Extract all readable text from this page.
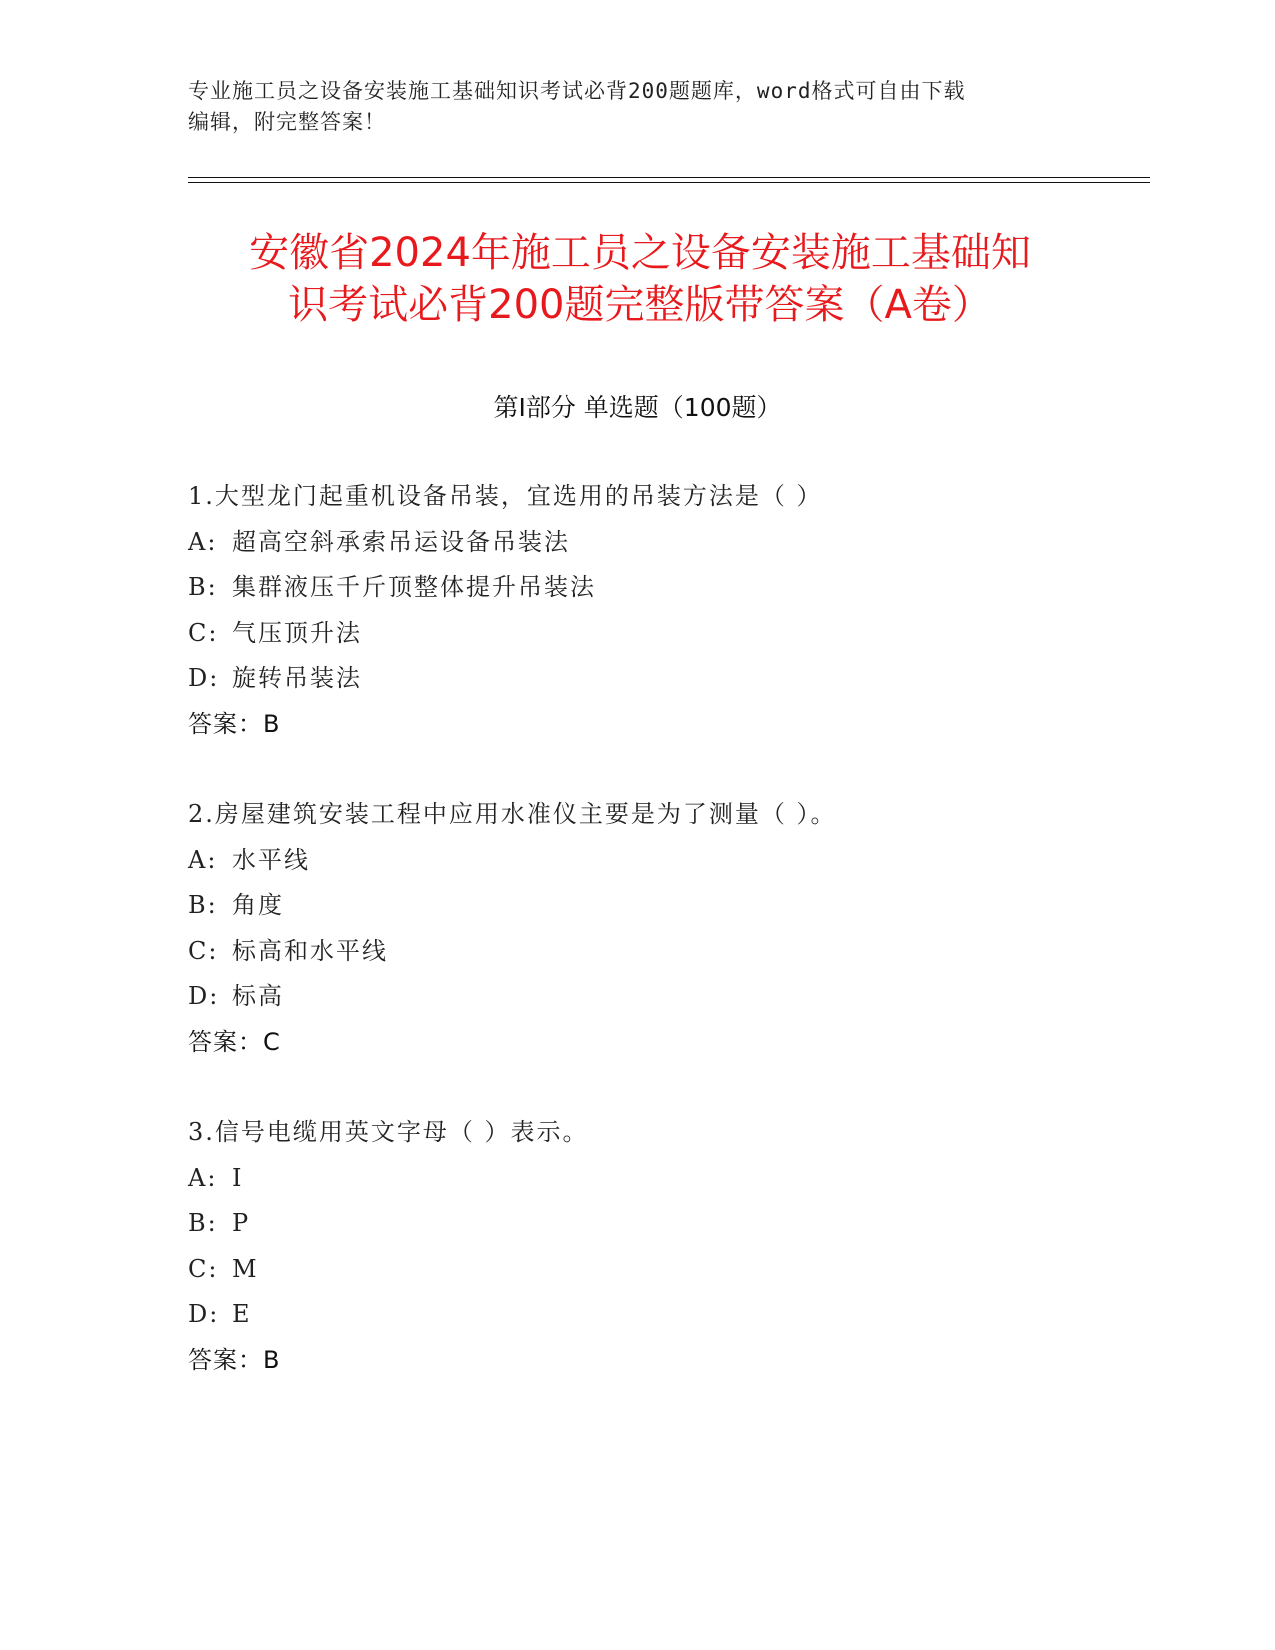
专业施工员之设备安装施工基础知识考试必背200题题库，word格式可自由下载
编辑，附完整答案！
安徽省2024年施工员之设备安装施工基础知
识考试必背200题完整版带答案（A卷）
第Ⅰ部分 单选题（100题）
1.大型龙门起重机设备吊装，宜选用的吊装方法是（ ）
A: 超高空斜承索吊运设备吊装法
B: 集群液压千斤顶整体提升吊装法
C: 气压顶升法
D: 旋转吊装法
答案：B
2.房屋建筑安装工程中应用水准仪主要是为了测量（ ）。
A: 水平线
B: 角度
C: 标高和水平线
D: 标高
答案：C
3.信号电缆用英文字母（ ）表示。
A: I
B: P
C: M
D: E
答案：B
